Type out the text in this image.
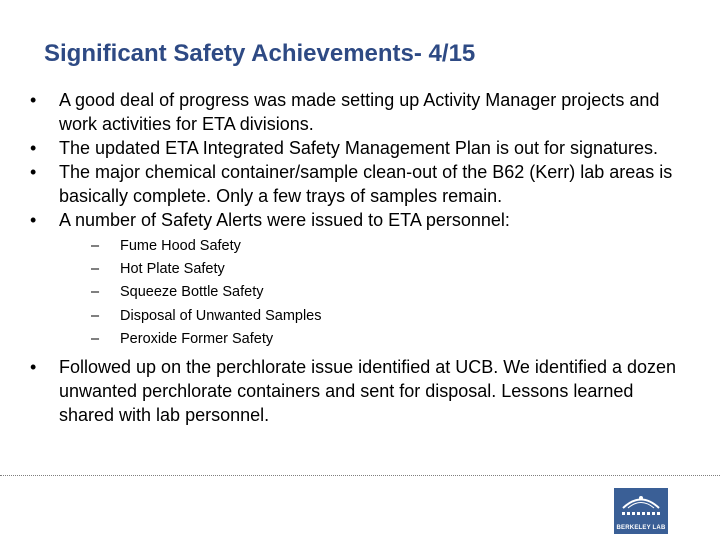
Significant Safety Achievements- 4/15
• A good deal of progress was made setting up Activity Manager projects and work activities for ETA divisions.
• The updated ETA Integrated Safety Management Plan is out for signatures.
• The major chemical container/sample clean-out of the B62 (Kerr) lab areas is basically complete. Only a few trays of samples remain.
• A number of Safety Alerts were issued to ETA personnel:
– Fume Hood Safety
– Hot Plate Safety
– Squeeze Bottle Safety
– Disposal of Unwanted Samples
– Peroxide Former Safety
• Followed up on the perchlorate issue identified at UCB. We identified a dozen unwanted perchlorate containers and sent for disposal. Lessons learned shared with lab personnel.
BERKELEY LAB
